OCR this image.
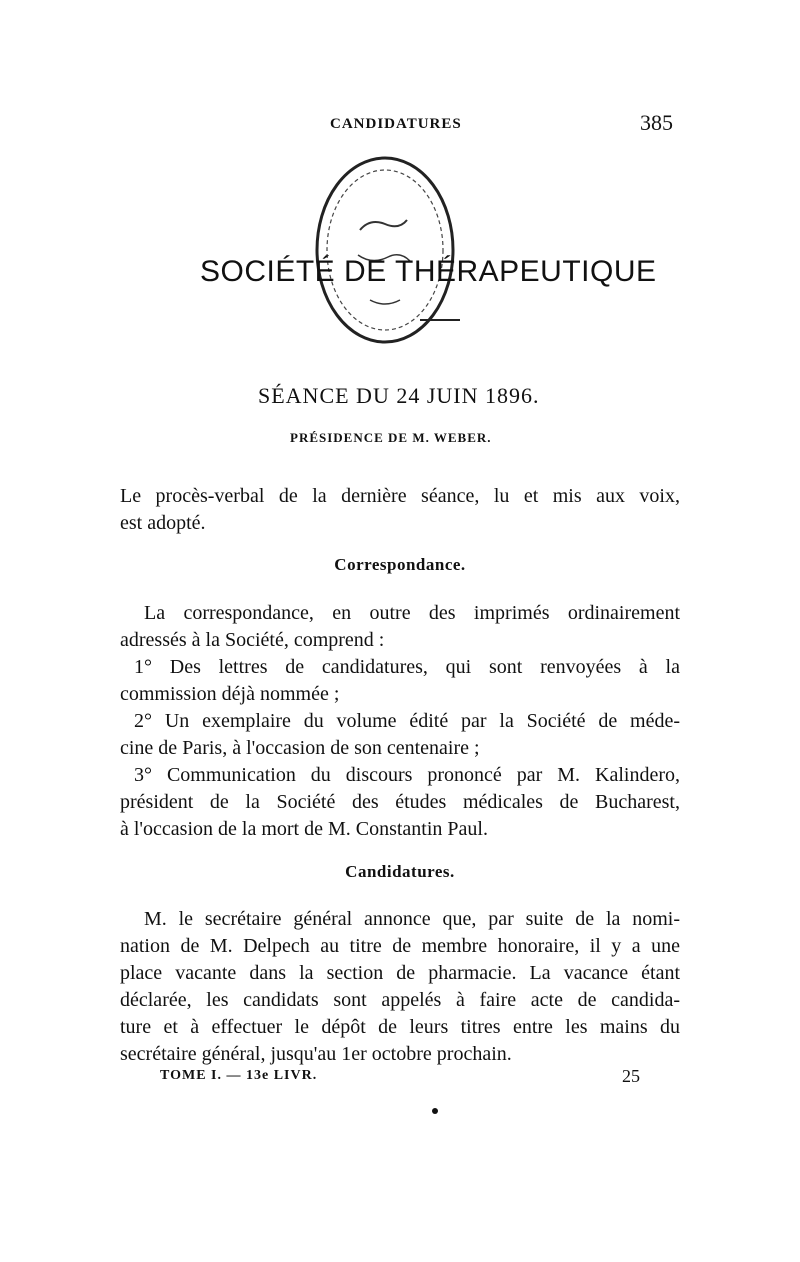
CANDIDATURES	385
SOCIÉTÉ DE THÉRAPEUTIQUE
SÉANCE DU 24 JUIN 1896.
PRÉSIDENCE DE M. WEBER.
Le procès-verbal de la dernière séance, lu et mis aux voix,
est adopté.
Correspondance.
La correspondance, en outre des imprimés ordinairement
adressés à la Société, comprend :
1° Des lettres de candidatures, qui sont renvoyées à la
commission déjà nommée ;
2° Un exemplaire du volume édité par la Société de méde-
cine de Paris, à l'occasion de son centenaire ;
3° Communication du discours prononcé par M. Kalindero,
président de la Société des études médicales de Bucharest,
à l'occasion de la mort de M. Constantin Paul.
Candidatures.
M. le secrétaire général annonce que, par suite de la nomi-
nation de M. Delpech au titre de membre honoraire, il y a une
place vacante dans la section de pharmacie. La vacance étant
déclarée, les candidats sont appelés à faire acte de candida-
ture et à effectuer le dépôt de leurs titres entre les mains du
secrétaire général, jusqu'au 1er octobre prochain.
TOME I. — 13e LIVR.	25
